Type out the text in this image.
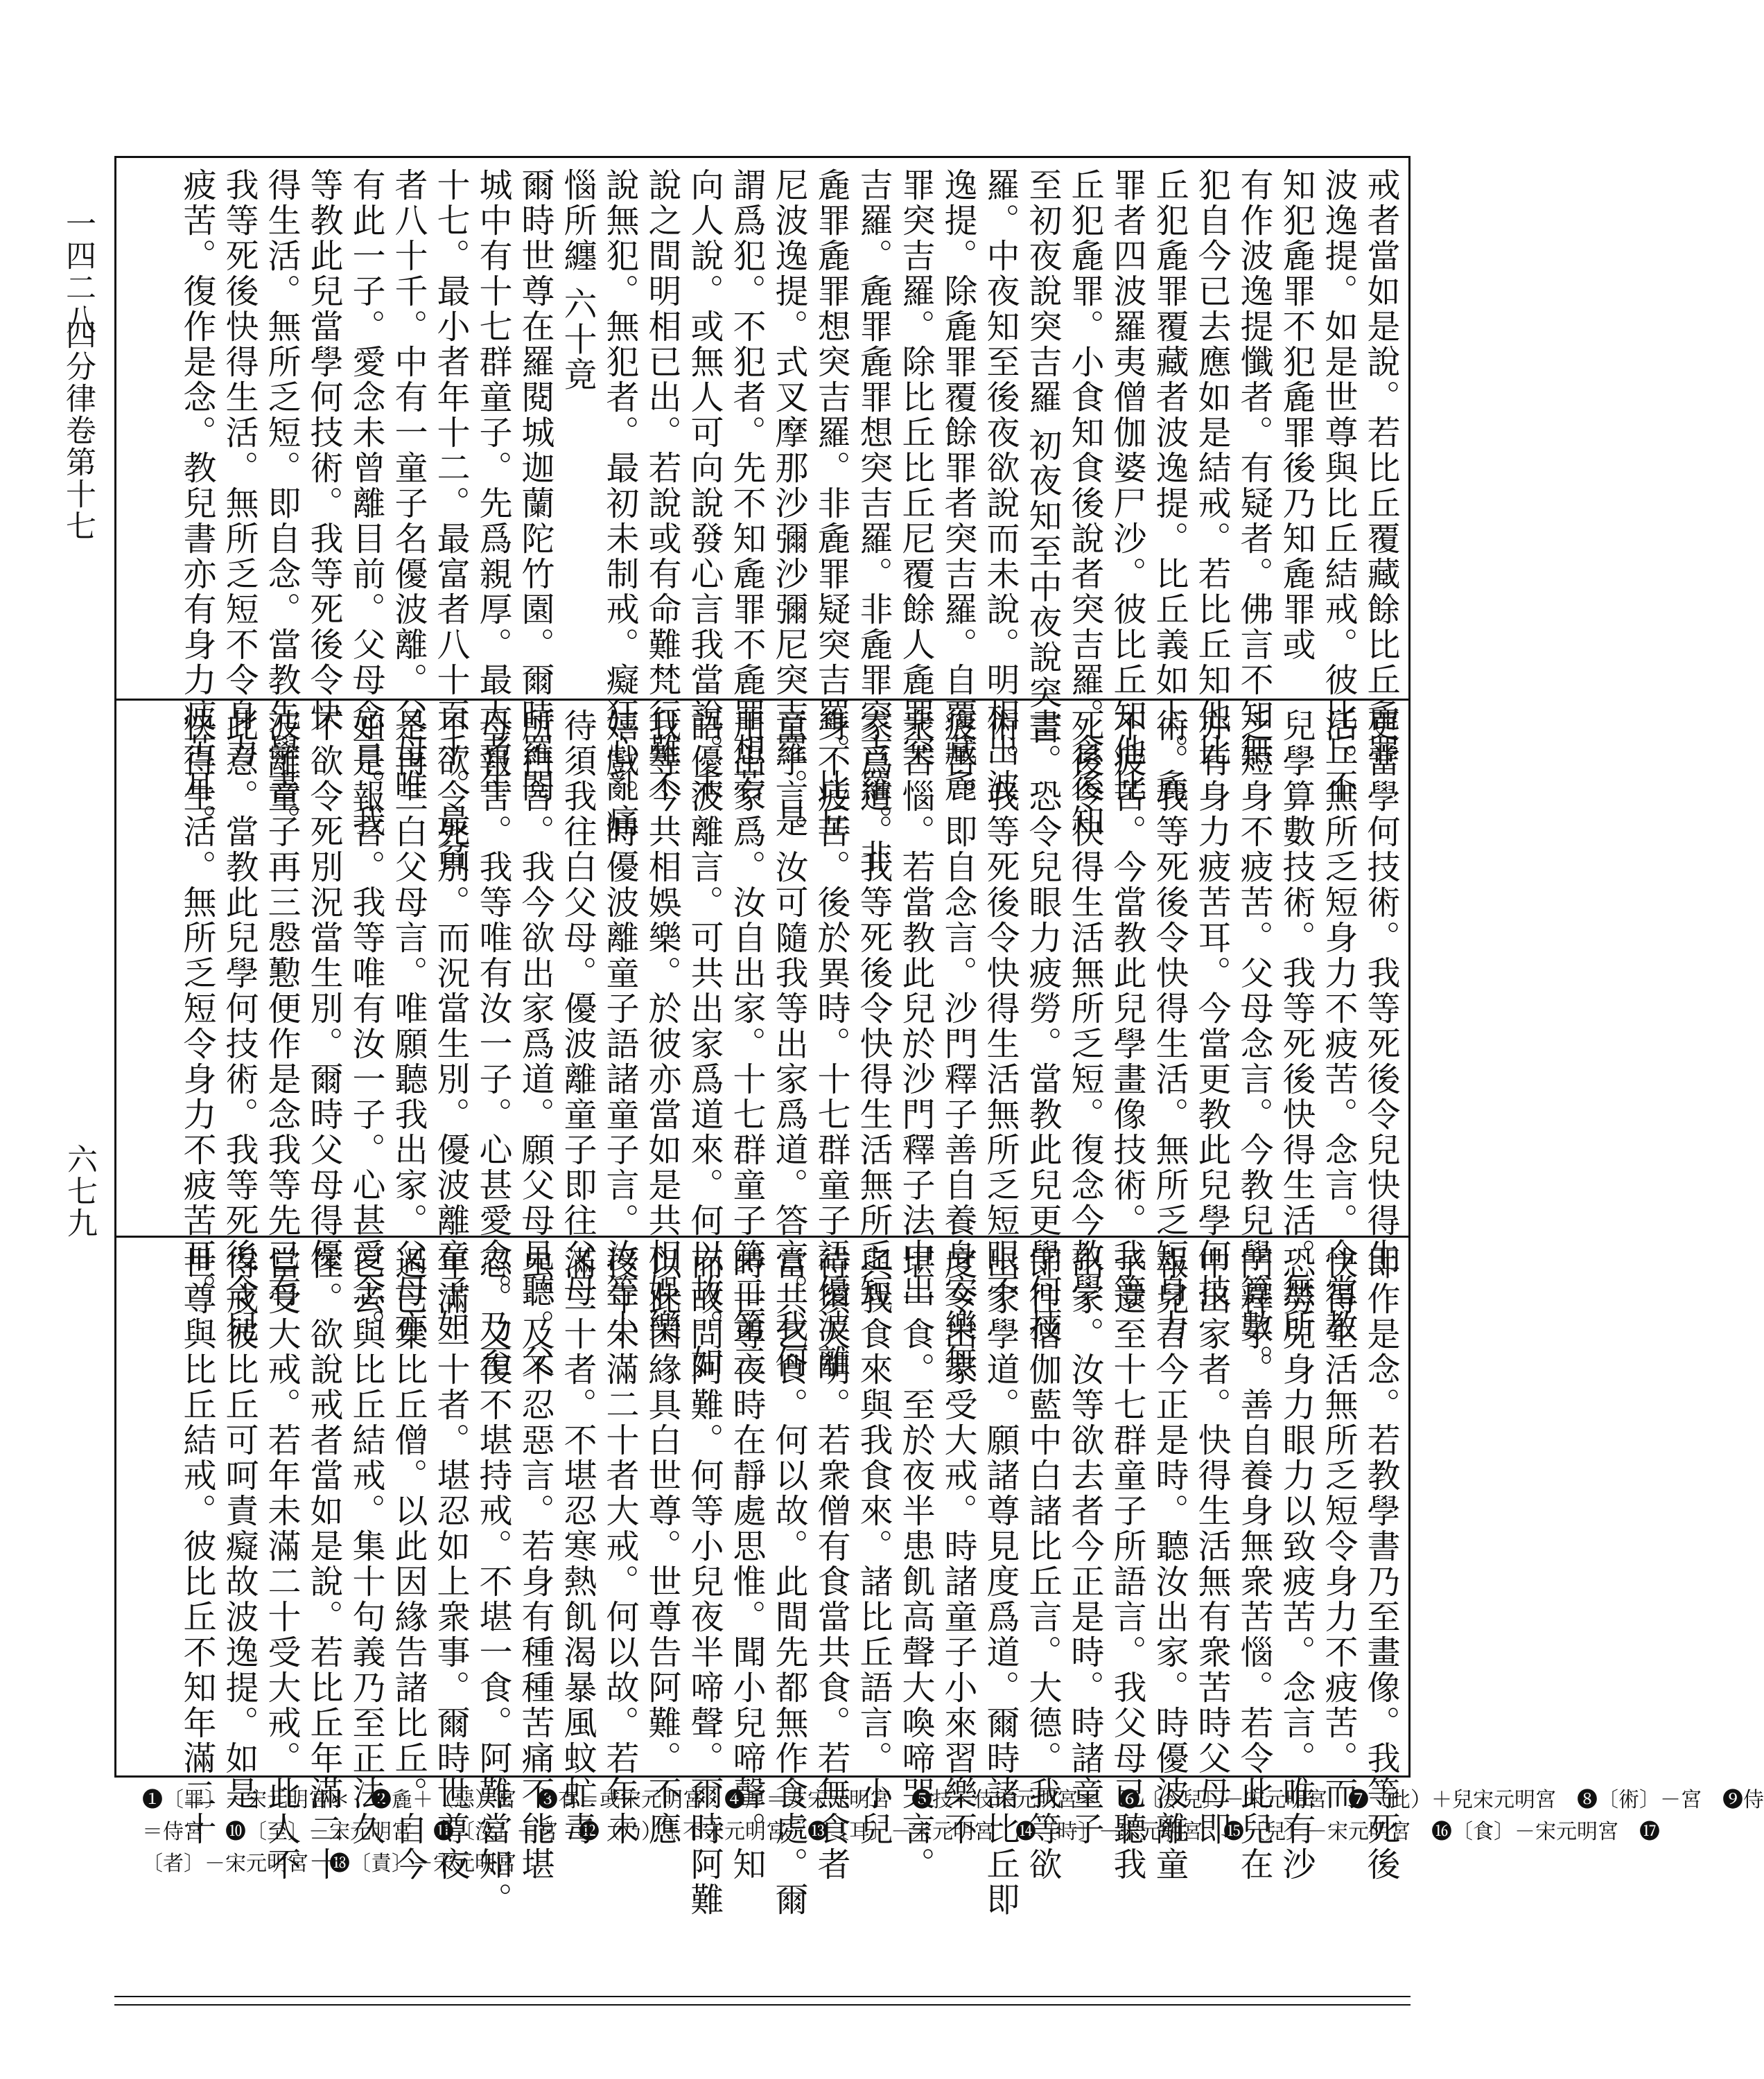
一四二八
四分律卷第十七
六七九
戒者當如是說。若比丘覆藏餘比丘麁罪
波逸提。如是世尊與比丘結戒。彼比丘不
知犯麁罪不犯麁罪後乃知麁罪或
有作波逸提懺者。有疑者。佛言不知無
犯自今已去應如是結戒。若比丘知他比
丘犯麁罪覆藏者波逸提。比丘義如上。麁
罪者四波羅夷僧伽婆尸沙。彼比丘知他比
丘犯麁罪。小食知食後說者突吉羅。食後知
至初夜說突吉羅 初夜知至中夜說突吉
羅。中夜知至後夜欲說而未說。明相出波
逸提。除麁罪覆餘罪者突吉羅。自覆藏麁
罪突吉羅。除比丘比丘尼覆餘人麁罪突
吉羅。麁罪麁罪想突吉羅。非麁罪突吉羅。非
麁罪麁罪想突吉羅。非麁罪疑突吉羅。比丘
尼波逸提。式叉摩那沙彌沙彌尼突吉羅。是
謂爲犯。不犯者。先不知麁罪不麁罪想若
向人說。或無人可向說發心言我當說。未
說之間明相已出。若說或有命難梵行難不
說無犯。無犯者。最初未制戒。癡狂心亂痛
惱所纏 六十竟
爾時世尊在羅閱城迦蘭陀竹園。爾時羅閱
城中有十七群童子。先爲親厚。最大者年
十七。最小者年十二。最富者八十百千。最貧
者八十千。中有一童子名優波離。父母唯
有此一子。愛念未曾離目前。父母念言。我
等教此兒當學何技術。我等死後令快
得生活。無所乏短。即自念。當教先學書。
我等死後快得生活。無所乏短不令身力
疲苦。復作是念。教兒書亦有身力疲苦耳。
更當學何技術。我等死後令兒快得生
活。無所乏短身力不疲苦。念言。今當教
兒學算數技術。我等死後快得生活。無所
乏短身不疲苦。父母念言。今教兒學算數。
亦有身力疲苦耳。今當更教此兒學何技
術。我等死後令快得生活。無所乏短身力
不疲苦。今當教此兒學畫像技術。我等
死後令快得生活無所乏短。復念今教學
畫。恐令兒眼力疲勞。當教此兒更學何技
術。我等死後令快得生活無所乏短眼不
疲苦。即自念言。沙門釋子善自養身安樂無
衆苦惱。若當教此兒於沙門釋子法中出
家爲道。我等死後令快得生活無所乏短
身不疲苦。後於異時。十七群童子語優波離
童子言。汝可隨我等出家爲道。答言。我何
用出家爲。汝自出家。十七群童子第二第三
語優波離言。可共出家爲道來。何以故。如
我等今共相娛樂。於彼亦當如是共相娛樂
嬉戲。時優波離童子語諸童子言。汝等小
待須我往白父母。優波離童子即往父母
所白言。我今欲出家爲道。願父母見聽。父
母報言。我等唯有汝一子。心甚愛念。乃至
不欲令死別。而況當生別。優波離童子如
是再三白父母言。唯願聽我出家。父母亦
如是報言。我等唯有汝一子。心甚愛念。
不欲令死別況當生別。爾時父母得優
波離童子再三慇懃便作是念我等先已有
此意。當教此兒學何技術。我等死後令兒
快得生活。無所乏短令身力不疲苦耳。
即作是念。若教學書乃至畫像。我等死後
快得生活無所乏短令身力不疲苦。而
恐勞兒身力眼力以致疲苦。念言。唯有沙
門釋子。善自養身無衆苦惱。若令此兒在
中出家者。快得生活無有衆苦時父母即
報兒言今正是時。聽汝出家。時優波離童
子還至十七群童子所語言。我父母已聽我
出家。汝等欲去者今正是時。時諸童子
即往僧伽藍中白諸比丘言。大德。我等欲
出家學道。願諸尊見度爲道。爾時諸比丘即
度令出家受大戒。時諸童子小來習樂不
堪一食。至於夜半患飢高聲大喚啼哭言。
與我食來與我食來。諸比丘語言。小兒
待須天明。若衆僧有食當共食。若無食者
當共乞食。何以故。此間先都無作食處。爾
時世尊夜時在靜處思惟。聞小兒啼聲。知
而故問阿難。何等小兒夜半啼聲。爾時阿難
以此因緣具白世尊。世尊告阿難。不應
授年未滿二十者大戒。何以故。若年未
滿二十者。不堪忍寒熱飢渴暴風蚊虻毒
虫。及不忍惡言。若身有種種苦痛不能堪
忍。又復不堪持戒。不堪一食。阿難當知。
年滿二十者。堪忍如上衆事。爾時世尊夜
過已集比丘僧。以此因緣告諸比丘。自今
已去與比丘結戒。集十句義乃至正法久
住。欲說戒者當如是說。若比丘年滿二十
當受大戒。若年未滿二十受大戒。此人不
得戒彼比丘可呵責癡故波逸提。如是
世尊與比丘結戒。彼比丘不知年滿二十
❶〔罪〕－宋元明宮＊　❷麁＋（惡）宮　❸有＝或宋元明宮　❹厚＝友宋元明宮　❺技＝伎宋元明宮＊　❻〔令兒〕－宋元明宮　❼（此）＋兒宋元明宮　❽〔術〕－宮　❾侍
＝侍宮　❿〔至〕－宋元明宮　⓫〔汝〕－宮　⓬（乃）＋不宋元明宮　⓭〔耳〕－宋元明宮　⓮〔時〕－宋元明宮　⓯〔兒〕－宋元明宮　⓰〔食〕－宋元明宮　⓱
〔者〕－宋元明宮　⓲〔責〕－宋元明宮
